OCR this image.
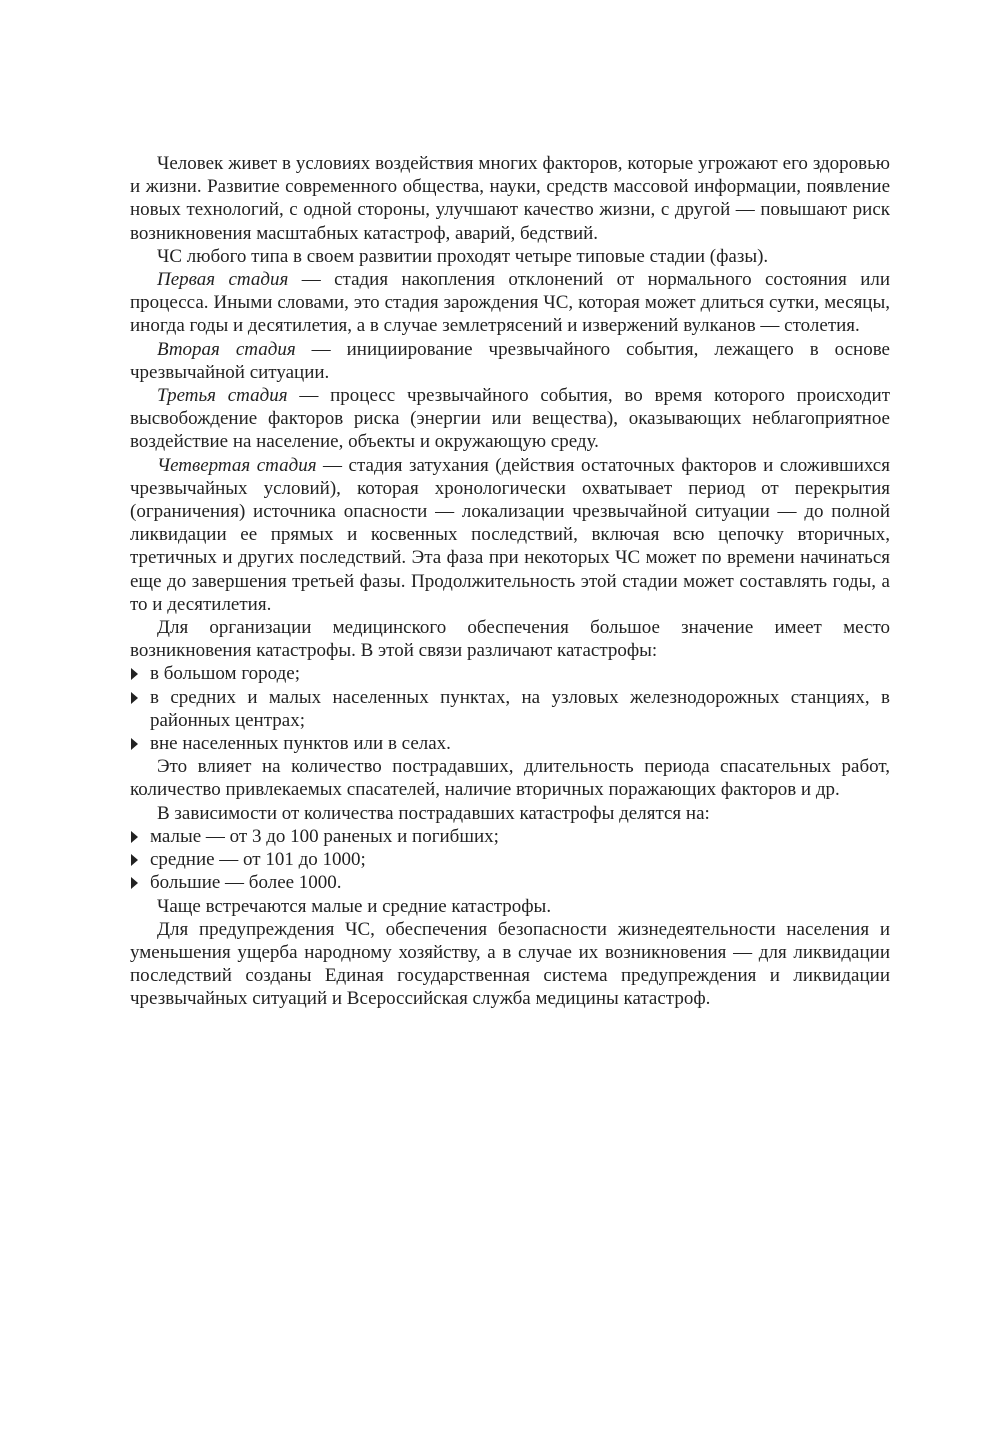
Человек живет в условиях воздействия многих факторов, которые угрожают его здоровью и жизни. Развитие современного общества, науки, средств массовой информации, появление новых технологий, с одной стороны, улучшают качество жизни, с другой — повышают риск возникновения масштабных катастроф, аварий, бедствий.

ЧС любого типа в своем развитии проходят четыре типовые стадии (фазы).

Первая стадия — стадия накопления отклонений от нормального состояния или процесса. Иными словами, это стадия зарождения ЧС, которая может длиться сутки, месяцы, иногда годы и десятилетия, а в случае землетрясений и извержений вулканов — столетия.

Вторая стадия — инициирование чрезвычайного события, лежащего в основе чрезвычайной ситуации.

Третья стадия — процесс чрезвычайного события, во время которого происходит высвобождение факторов риска (энергии или вещества), оказывающих неблагоприятное воздействие на население, объекты и окружающую среду.

Четвертая стадия — стадия затухания (действия остаточных факторов и сложившихся чрезвычайных условий), которая хронологически охватывает период от перекрытия (ограничения) источника опасности — локализации чрезвычайной ситуации — до полной ликвидации ее прямых и косвенных последствий, включая всю цепочку вторичных, третичных и других последствий. Эта фаза при некоторых ЧС может по времени начинаться еще до завершения третьей фазы. Продолжительность этой стадии может составлять годы, а то и десятилетия.

Для организации медицинского обеспечения большое значение имеет место возникновения катастрофы. В этой связи различают катастрофы:

в большом городе;
в средних и малых населенных пунктах, на узловых железнодорожных станциях, в районных центрах;
вне населенных пунктов или в селах.

Это влияет на количество пострадавших, длительность периода спасательных работ, количество привлекаемых спасателей, наличие вторичных поражающих факторов и др.

В зависимости от количества пострадавших катастрофы делятся на:

малые — от 3 до 100 раненых и погибших;
средние — от 101 до 1000;
большие — более 1000.

Чаще встречаются малые и средние катастрофы.

Для предупреждения ЧС, обеспечения безопасности жизнедеятельности населения и уменьшения ущерба народному хозяйству, а в случае их возникновения — для ликвидации последствий созданы Единая государственная система предупреждения и ликвидации чрезвычайных ситуаций и Всероссийская служба медицины катастроф.
